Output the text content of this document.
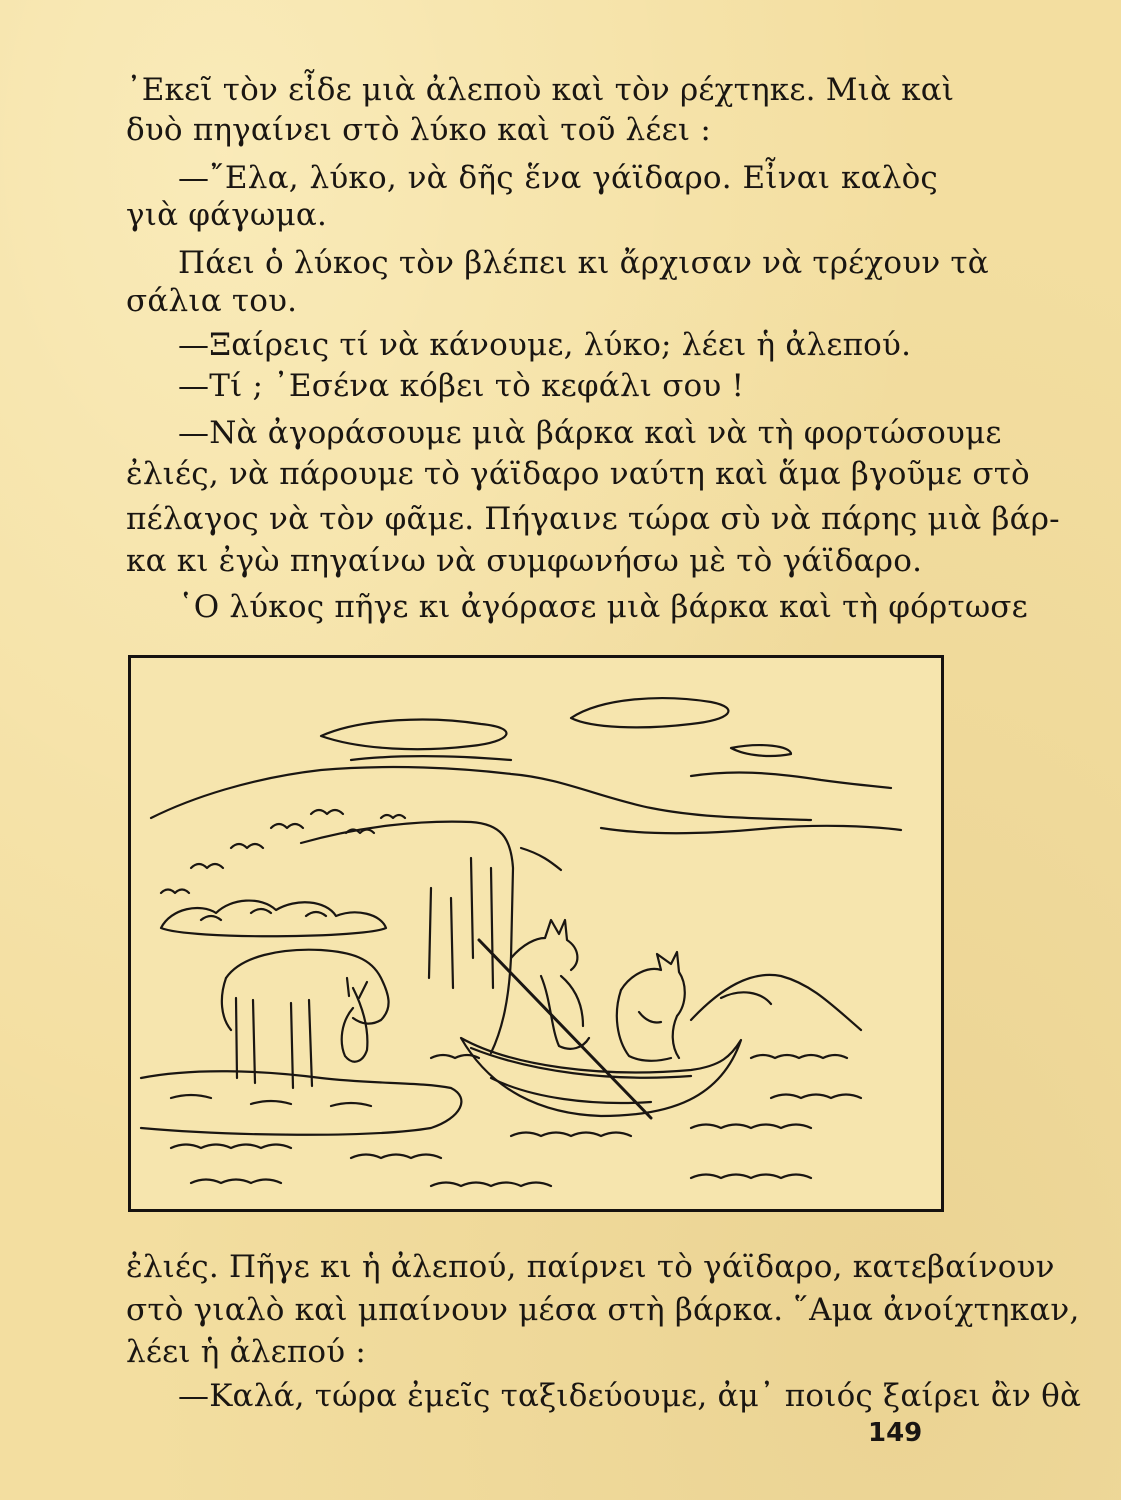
᾿Εκεῖ τὸν εἶδε μιὰ ἀλεποὺ καὶ τὸν ρέχτηκε. Μιὰ καὶ
δυὸ πηγαίνει στὸ λύκο καὶ τοῦ λέει :
—῎Ελα, λύκο, νὰ δῆς ἕνα γάϊδαρο. Εἶναι καλὸς
γιὰ φάγωμα.
Πάει ὁ λύκος τὸν βλέπει κι ἄρχισαν νὰ τρέχουν τὰ
σάλια του.
—Ξαίρεις τί νὰ κάνουμε, λύκο; λέει ἡ ἀλεπού.
—Τί ; ᾿Εσένα κόβει τὸ κεφάλι σου !
—Νὰ ἀγοράσουμε μιὰ βάρκα καὶ νὰ τὴ φορτώσουμε
ἐλιές, νὰ πάρουμε τὸ γάϊδαρο ναύτη καὶ ἅμα βγοῦμε στὸ
πέλαγος νὰ τὸν φᾶμε. Πήγαινε τώρα σὺ νὰ πάρης μιὰ βάρ-
κα κι ἐγὼ πηγαίνω νὰ συμφωνήσω μὲ τὸ γάϊδαρο.
῾Ο λύκος πῆγε κι ἀγόρασε μιὰ βάρκα καὶ τὴ φόρτωσε
ἐλιές. Πῆγε κι ἡ ἀλεπού, παίρνει τὸ γάϊδαρο, κατεβαίνουν
στὸ γιαλὸ καὶ μπαίνουν μέσα στὴ βάρκα. ῞Αμα ἀνοίχτηκαν,
λέει ἡ ἀλεπού :
—Καλά, τώρα ἐμεῖς ταξιδεύουμε, ἀμ᾿ ποιός ξαίρει ἂν θὰ
149
